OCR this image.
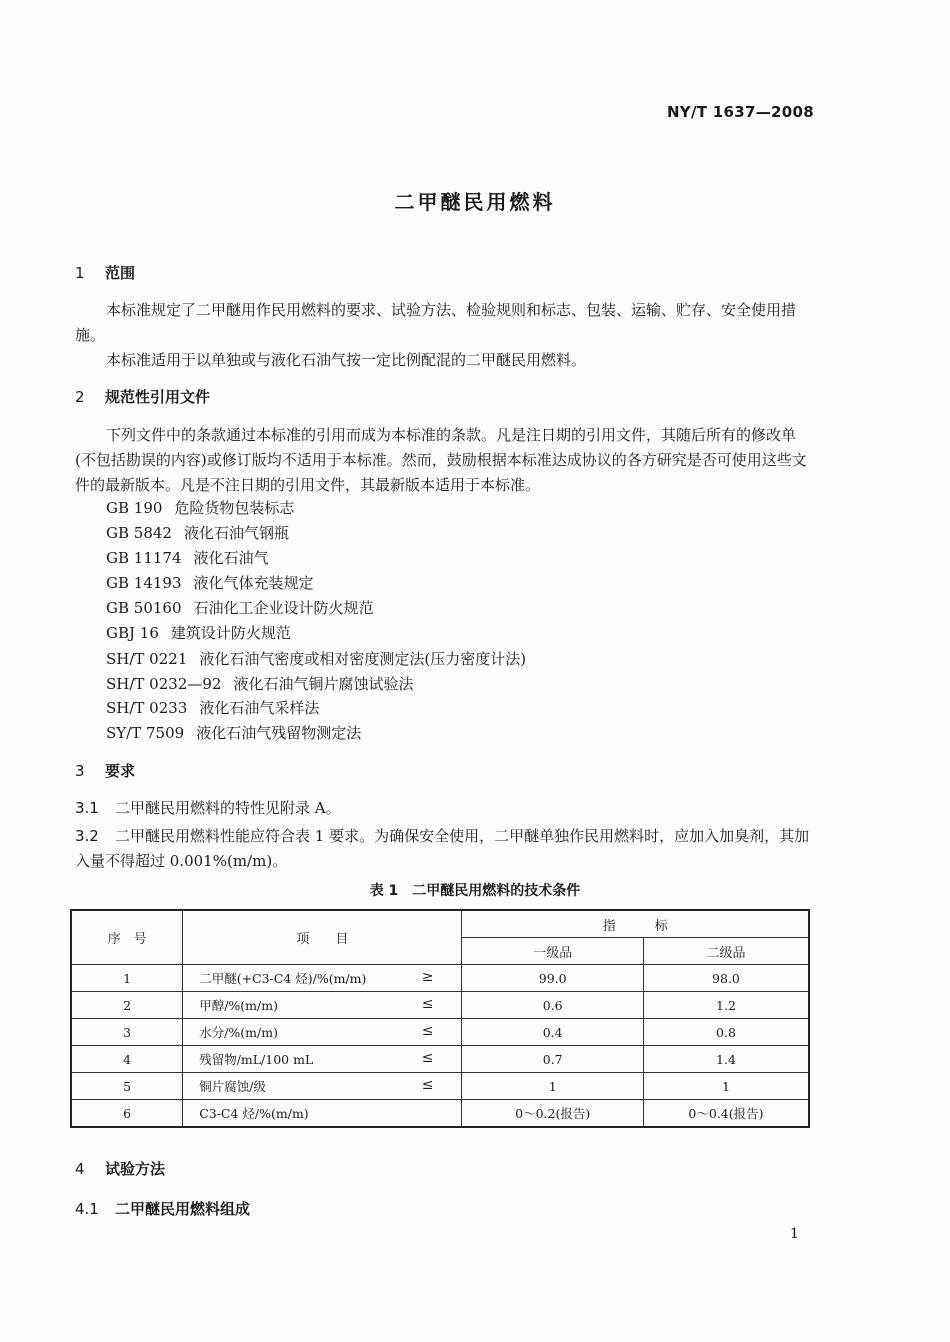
NY/T 1637—2008
二甲醚民用燃料
1 范围
本标准规定了二甲醚用作民用燃料的要求、试验方法、检验规则和标志、包装、运输、贮存、安全使用措施。
本标准适用于以单独或与液化石油气按一定比例配混的二甲醚民用燃料。
2 规范性引用文件
下列文件中的条款通过本标准的引用而成为本标准的条款。凡是注日期的引用文件，其随后所有的修改单(不包括勘误的内容)或修订版均不适用于本标准。然而，鼓励根据本标准达成协议的各方研究是否可使用这些文件的最新版本。凡是不注日期的引用文件，其最新版本适用于本标准。
GB 190 危险货物包装标志
GB 5842 液化石油气钢瓶
GB 11174 液化石油气
GB 14193 液化气体充装规定
GB 50160 石油化工企业设计防火规范
GBJ 16 建筑设计防火规范
SH/T 0221 液化石油气密度或相对密度测定法(压力密度计法)
SH/T 0232—92 液化石油气铜片腐蚀试验法
SH/T 0233 液化石油气采样法
SY/T 7509 液化石油气残留物测定法
3 要求
3.1 二甲醚民用燃料的特性见附录 A。
3.2 二甲醚民用燃料性能应符合表 1 要求。为确保安全使用，二甲醚单独作民用燃料时，应加入加臭剂，其加入量不得超过 0.001%(m/m)。
表 1　二甲醚民用燃料的技术条件
序　号	项　　目	指　　　标	
		一级品	二级品
1	二甲醚(+C3-C4 烃)/%(m/m) ≥	99.0	98.0
2	甲醇/%(m/m) ≤	0.6	1.2
3	水分/%(m/m) ≤	0.4	0.8
4	残留物/mL/100 mL ≤	0.7	1.4
5	铜片腐蚀/级 ≤	1	1
6	C3-C4 烃/%(m/m)	0～0.2(报告)	0～0.4(报告)
4 试验方法
4.1 二甲醚民用燃料组成
1
